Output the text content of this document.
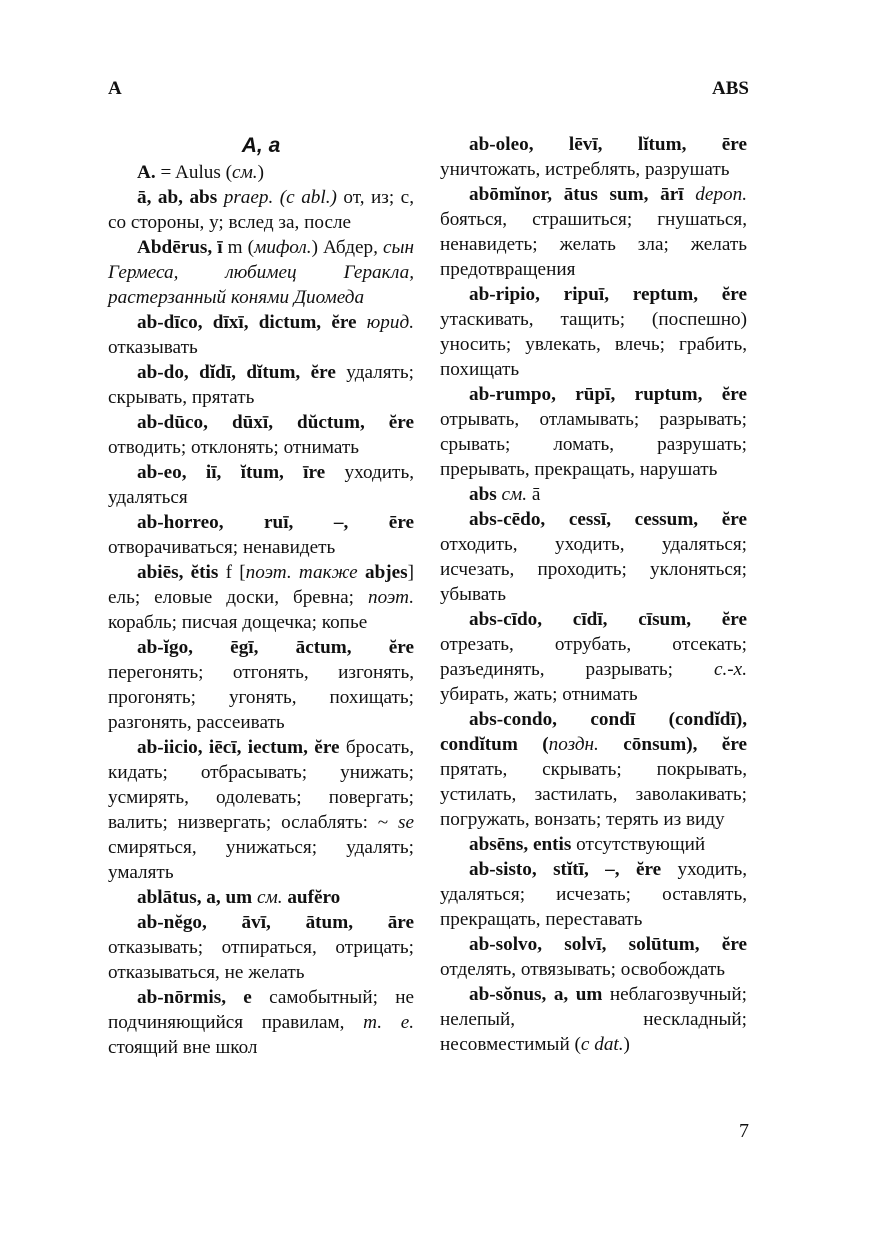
A	ABS
A, a

A. = Aulus (см.)

ā, ab, abs praep. (c abl.) от, из; с, со стороны, у; вслед за, после

Abdērus, ī m (мифол.) Абдер, сын Гермеса, любимец Геракла, растерзанный конями Диомеда

ab-dīco, dīxī, dictum, ĕre юрид. отказывать

ab-do, dĭdī, dĭtum, ĕre удалять; скрывать, прятать

ab-dūco, dūxī, dŭctum, ĕre отводить; отклонять; отнимать

ab-eo, iī, ĭtum, īre уходить, удаляться

ab-horreo, ruī, –, ēre отворачиваться; ненавидеть

abiēs, ĕtis f [поэт. также abjes] ель; еловые доски, бревна; поэт. корабль; писчая дощечка; копье

ab-ĭgo, ēgī, āctum, ĕre перегонять; отгонять, изгонять, прогонять; угонять, похищать; разгонять, рассеивать

ab-iicio, iēcī, iectum, ĕre бросать, кидать; отбрасывать; унижать; усмирять, одолевать; повергать; валить; низвергать; ослаблять: ~ se смиряться, унижаться; удалять; умалять

ablātus, a, um см. aufĕro

ab-nĕgo, āvī, ātum, āre отказывать; отпираться, отрицать; отказываться, не желать

ab-nōrmis, e самобытный; не подчиняющийся правилам, т. е. стоящий вне школ

ab-oleo, lēvī, lĭtum, ēre уничтожать, истреблять, разрушать

abōmĭnor, ātus sum, ārī depon. бояться, страшиться; гнушаться, ненавидеть; желать зла; желать предотвращения

ab-ripio, ripuī, reptum, ĕre утаскивать, тащить; (поспешно) уносить; увлекать, влечь; грабить, похищать

ab-rumpo, rūpī, ruptum, ĕre отрывать, отламывать; разрывать; срывать; ломать, разрушать; прерывать, прекращать, нарушать

abs см. ā

abs-cēdo, cessī, cessum, ĕre отходить, уходить, удаляться; исчезать, проходить; уклоняться; убывать

abs-cīdo, cīdī, cīsum, ĕre отрезать, отрубать, отсекать; разъединять, разрывать; с.-х. убирать, жать; отнимать

abs-condo, condī (condĭdī), condĭtum (поздн. cōnsum), ĕre прятать, скрывать; покрывать, устилать, застилать, заволакивать; погружать, вонзать; терять из виду

absēns, entis отсутствующий

ab-sisto, stĭtī, –, ĕre уходить, удаляться; исчезать; оставлять, прекращать, переставать

ab-solvo, solvī, solūtum, ĕre отделять, отвязывать; освобождать

ab-sŏnus, a, um неблагозвучный; нелепый, нескладный; несовместимый (с dat.)

7
